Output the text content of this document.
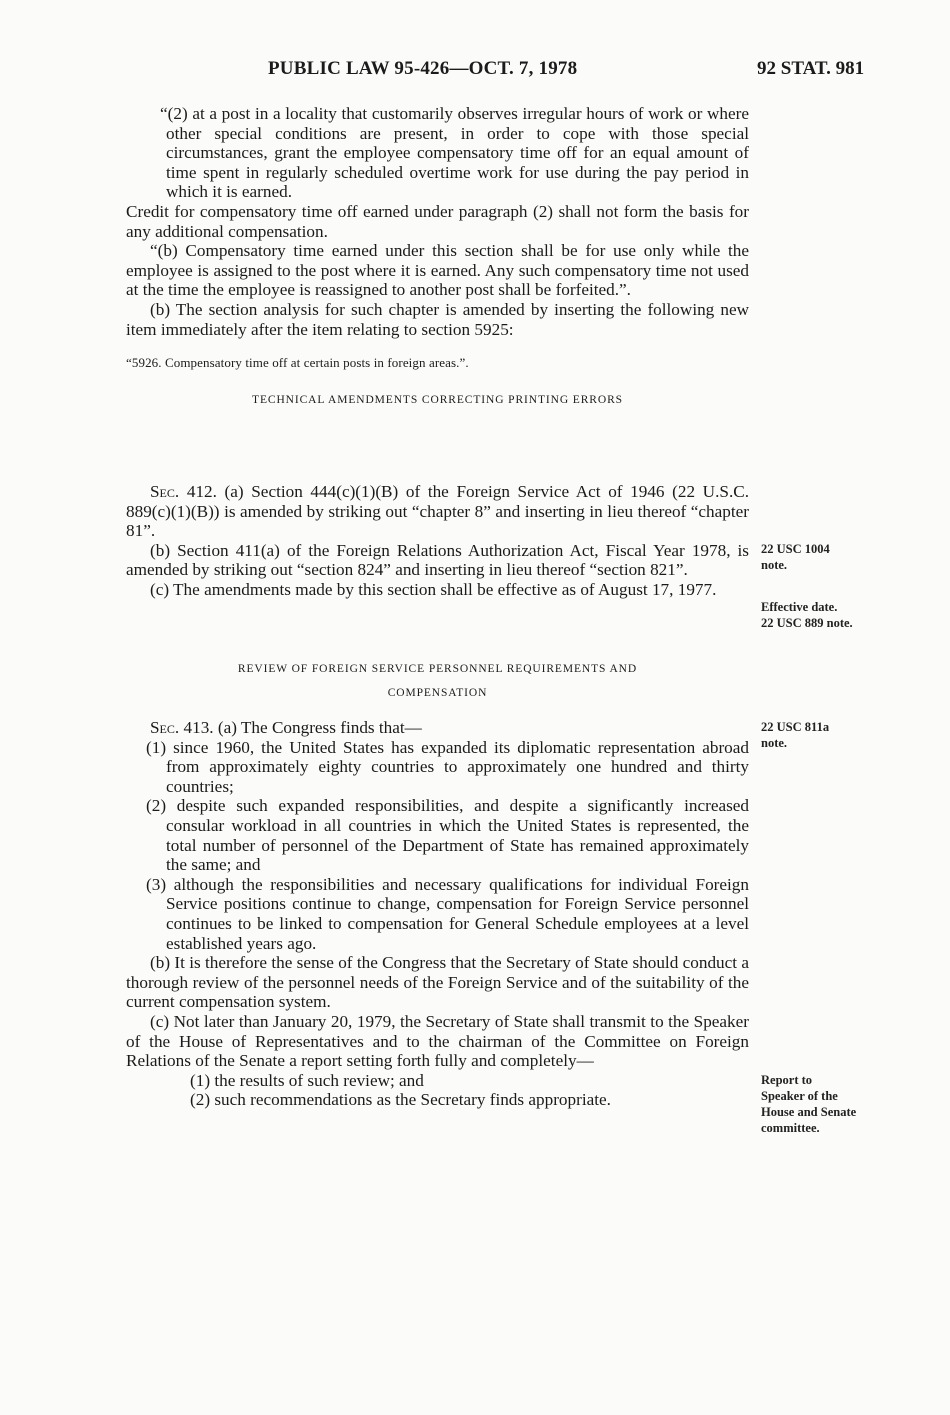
PUBLIC LAW 95-426—OCT. 7, 1978	92 STAT. 981

“(2) at a post in a locality that customarily observes irregular hours of work or where other special conditions are present, in order to cope with those special circumstances, grant the employee compensatory time off for an equal amount of time spent in regularly scheduled overtime work for use during the pay period in which it is earned.

Credit for compensatory time off earned under paragraph (2) shall not form the basis for any additional compensation.

“(b) Compensatory time earned under this section shall be for use only while the employee is assigned to the post where it is earned. Any such compensatory time not used at the time the employee is reassigned to another post shall be forfeited.”.

(b) The section analysis for such chapter is amended by inserting the following new item immediately after the item relating to section 5925:

“5926. Compensatory time off at certain posts in foreign areas.”.

TECHNICAL AMENDMENTS CORRECTING PRINTING ERRORS

Sec. 412. (a) Section 444(c)(1)(B) of the Foreign Service Act of 1946 (22 U.S.C. 889(c)(1)(B)) is amended by striking out “chapter 8” and inserting in lieu thereof “chapter 81”.

(b) Section 411(a) of the Foreign Relations Authorization Act, Fiscal Year 1978, is amended by striking out “section 824” and inserting in lieu thereof “section 821”.

(c) The amendments made by this section shall be effective as of August 17, 1977.

REVIEW OF FOREIGN SERVICE PERSONNEL REQUIREMENTS AND

COMPENSATION

Sec. 413. (a) The Congress finds that—

(1) since 1960, the United States has expanded its diplomatic representation abroad from approximately eighty countries to approximately one hundred and thirty countries;

(2) despite such expanded responsibilities, and despite a significantly increased consular workload in all countries in which the United States is represented, the total number of personnel of the Department of State has remained approximately the same; and

(3) although the responsibilities and necessary qualifications for individual Foreign Service positions continue to change, compensation for Foreign Service personnel continues to be linked to compensation for General Schedule employees at a level established years ago.

(b) It is therefore the sense of the Congress that the Secretary of State should conduct a thorough review of the personnel needs of the Foreign Service and of the suitability of the current compensation system.

(c) Not later than January 20, 1979, the Secretary of State shall transmit to the Speaker of the House of Representatives and to the chairman of the Committee on Foreign Relations of the Senate a report setting forth fully and completely—

(1) the results of such review; and

(2) such recommendations as the Secretary finds appropriate.

22 USC 1004
note.
Effective date.
22 USC 889 note.
22 USC 811a
note.
Report to
Speaker of the
House and Senate
committee.
